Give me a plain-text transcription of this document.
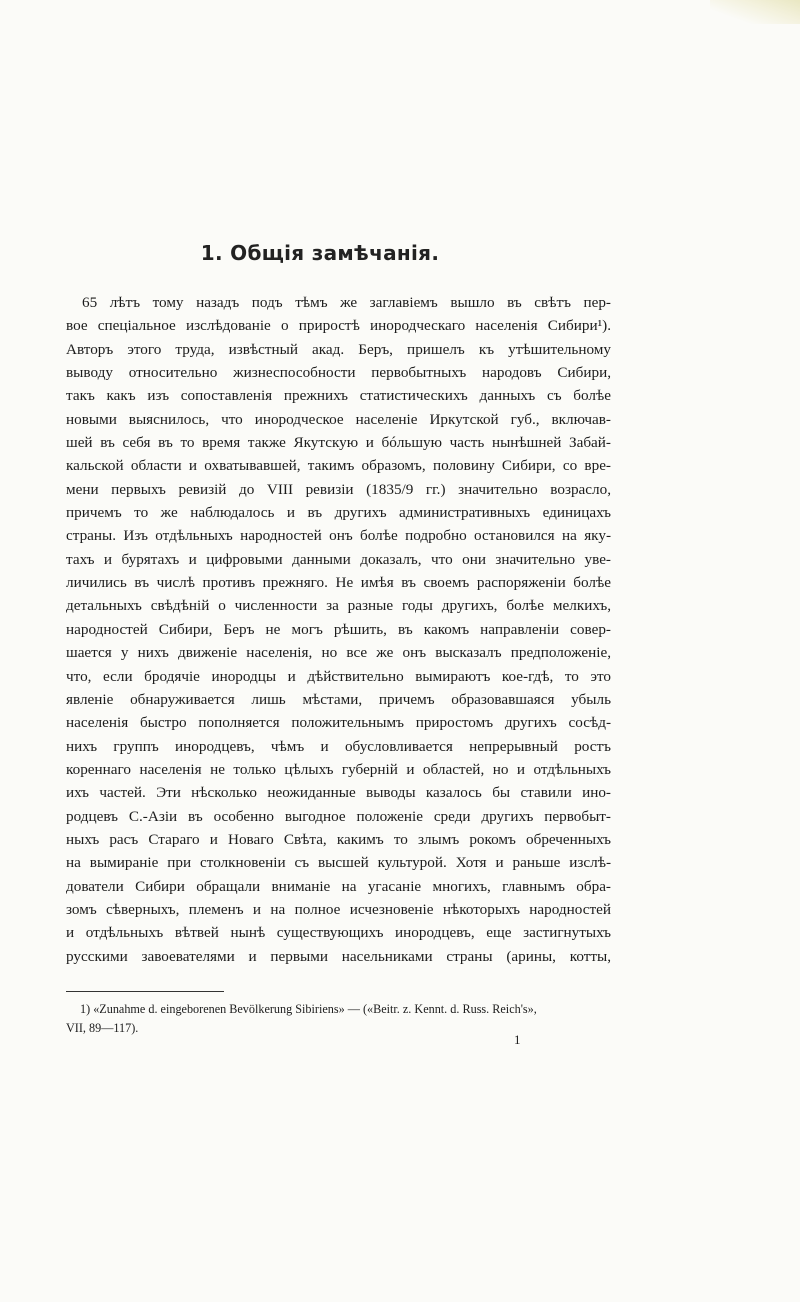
1. Общія замѣчанія.
65 лѣтъ тому назадъ подъ тѣмъ же заглавіемъ вышло въ свѣтъ пер-
вое спеціальное изслѣдованіе о приростѣ инородческаго населенія Сибири¹).
Авторъ этого труда, извѣстный акад. Беръ, пришелъ къ утѣшительному
выводу относительно жизнеспособности первобытныхъ народовъ Сибири,
такъ какъ изъ сопоставленія прежнихъ статистическихъ данныхъ съ болѣе
новыми выяснилось, что инородческое населеніе Иркутской губ., включав-
шей въ себя въ то время также Якутскую и бóльшую часть нынѣшней Забай-
кальской области и охватывавшей, такимъ образомъ, половину Сибири, со вре-
мени первыхъ ревизій до VIII ревизіи (1835/9 гг.) значительно возрасло,
причемъ то же наблюдалось и въ другихъ административныхъ единицахъ
страны. Изъ отдѣльныхъ народностей онъ болѣе подробно остановился на яку-
тахъ и бурятахъ и цифровыми данными доказалъ, что они значительно уве-
личились въ числѣ противъ прежняго. Не имѣя въ своемъ распоряженіи болѣе
детальныхъ свѣдѣній о численности за разные годы другихъ, болѣе мелкихъ,
народностей Сибири, Беръ не могъ рѣшить, въ какомъ направленіи совер-
шается у нихъ движеніе населенія, но все же онъ высказалъ предположеніе,
что, если бродячіе инородцы и дѣйствительно вымираютъ кое-гдѣ, то это
явленіе обнаруживается лишь мѣстами, причемъ образовавшаяся убыль
населенія быстро пополняется положительнымъ приростомъ другихъ сосѣд-
нихъ группъ инородцевъ, чѣмъ и обусловливается непрерывный ростъ
кореннаго населенія не только цѣлыхъ губерній и областей, но и отдѣльныхъ
ихъ частей. Эти нѣсколько неожиданные выводы казалось бы ставили ино-
родцевъ С.-Азіи въ особенно выгодное положеніе среди другихъ первобыт-
ныхъ расъ Стараго и Новаго Свѣта, какимъ то злымъ рокомъ обреченныхъ
на вымираніе при столкновеніи съ высшей культурой. Хотя и раньше изслѣ-
дователи Сибири обращали вниманіе на угасаніе многихъ, главнымъ обра-
зомъ сѣверныхъ, племенъ и на полное исчезновеніе нѣкоторыхъ народностей
и отдѣльныхъ вѣтвей нынѣ существующихъ инородцевъ, еще застигнутыхъ
русскими завоевателями и первыми насельниками страны (арины, котты,
1) «Zunahme d. eingeborenen Bevölkerung Sibiriens» — («Beitr. z. Kennt. d. Russ. Reich's»,
VII, 89—117).
1
